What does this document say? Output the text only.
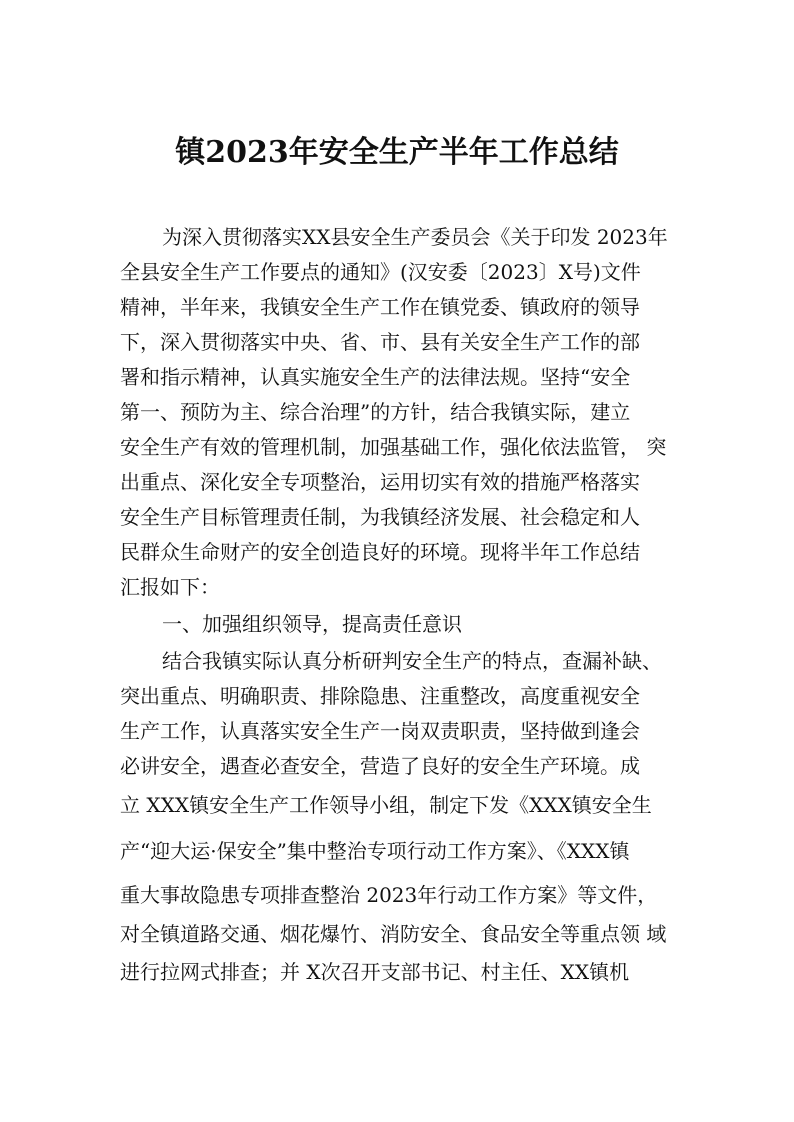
镇2023年安全生产半年工作总结

为深入贯彻落实XX县安全生产委员会《关于印发 2023年

全县安全生产工作要点的通知》(汉安委〔2023〕X号)文件

精神，半年来，我镇安全生产工作在镇党委、镇政府的领导

下，深入贯彻落实中央、省、市、县有关安全生产工作的部

署和指示精神，认真实施安全生产的法律法规。坚持“安全

第一、预防为主、综合治理”的方针，结合我镇实际，建立

安全生产有效的管理机制，加强基础工作，强化依法监管， 突

出重点、深化安全专项整治，运用切实有效的措施严格落实

安全生产目标管理责任制，为我镇经济发展、社会稳定和人

民群众生命财产的安全创造良好的环境。现将半年工作总结

汇报如下：

一、加强组织领导，提高责任意识

结合我镇实际认真分析研判安全生产的特点，查漏补缺、

突出重点、明确职责、排除隐患、注重整改，高度重视安全

生产工作，认真落实安全生产一岗双责职责，坚持做到逢会

必讲安全，遇查必查安全，营造了良好的安全生产环境。成

立 XXX镇安全生产工作领导小组，制定下发《XXX镇安全生

产“迎大运·保安全”集中整治专项行动工作方案》、《XXX镇

重大事故隐患专项排查整治 2023年行动工作方案》等文件，

对全镇道路交通、烟花爆竹、消防安全、食品安全等重点领 域

进行拉网式排查；并 X次召开支部书记、村主任、XX镇机
